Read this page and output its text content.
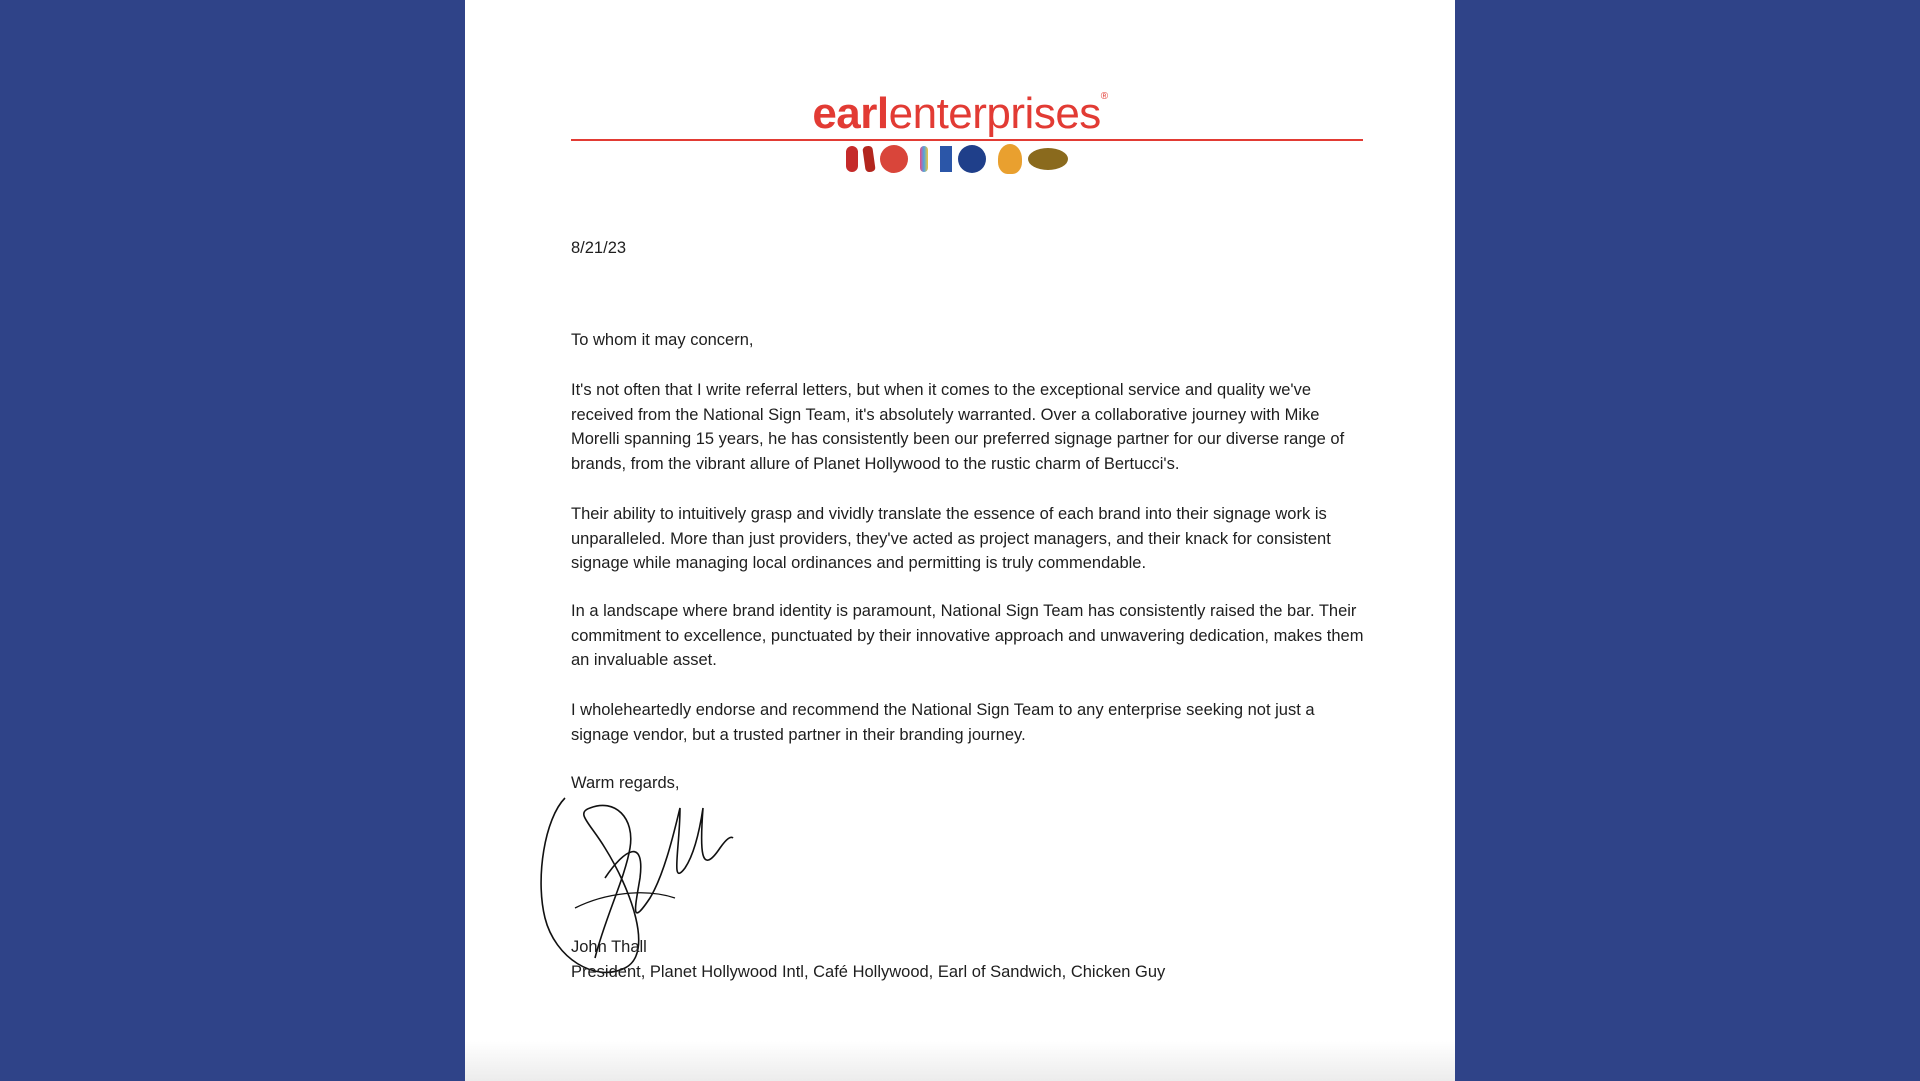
earlenterprises®
8/21/23
To whom it may concern,
It's not often that I write referral letters, but when it comes to the exceptional service and quality we've received from the National Sign Team, it's absolutely warranted. Over a collaborative journey with Mike Morelli spanning 15 years, he has consistently been our preferred signage partner for our diverse range of brands, from the vibrant allure of Planet Hollywood to the rustic charm of Bertucci's.
Their ability to intuitively grasp and vividly translate the essence of each brand into their signage work is unparalleled. More than just providers, they've acted as project managers, and their knack for consistent signage while managing local ordinances and permitting is truly commendable.
In a landscape where brand identity is paramount, National Sign Team has consistently raised the bar. Their commitment to excellence, punctuated by their innovative approach and unwavering dedication, makes them an invaluable asset.
I wholeheartedly endorse and recommend the National Sign Team to any enterprise seeking not just a signage vendor, but a trusted partner in their branding journey.
Warm regards,
John Thall
President, Planet Hollywood Intl, Café Hollywood, Earl of Sandwich, Chicken Guy
